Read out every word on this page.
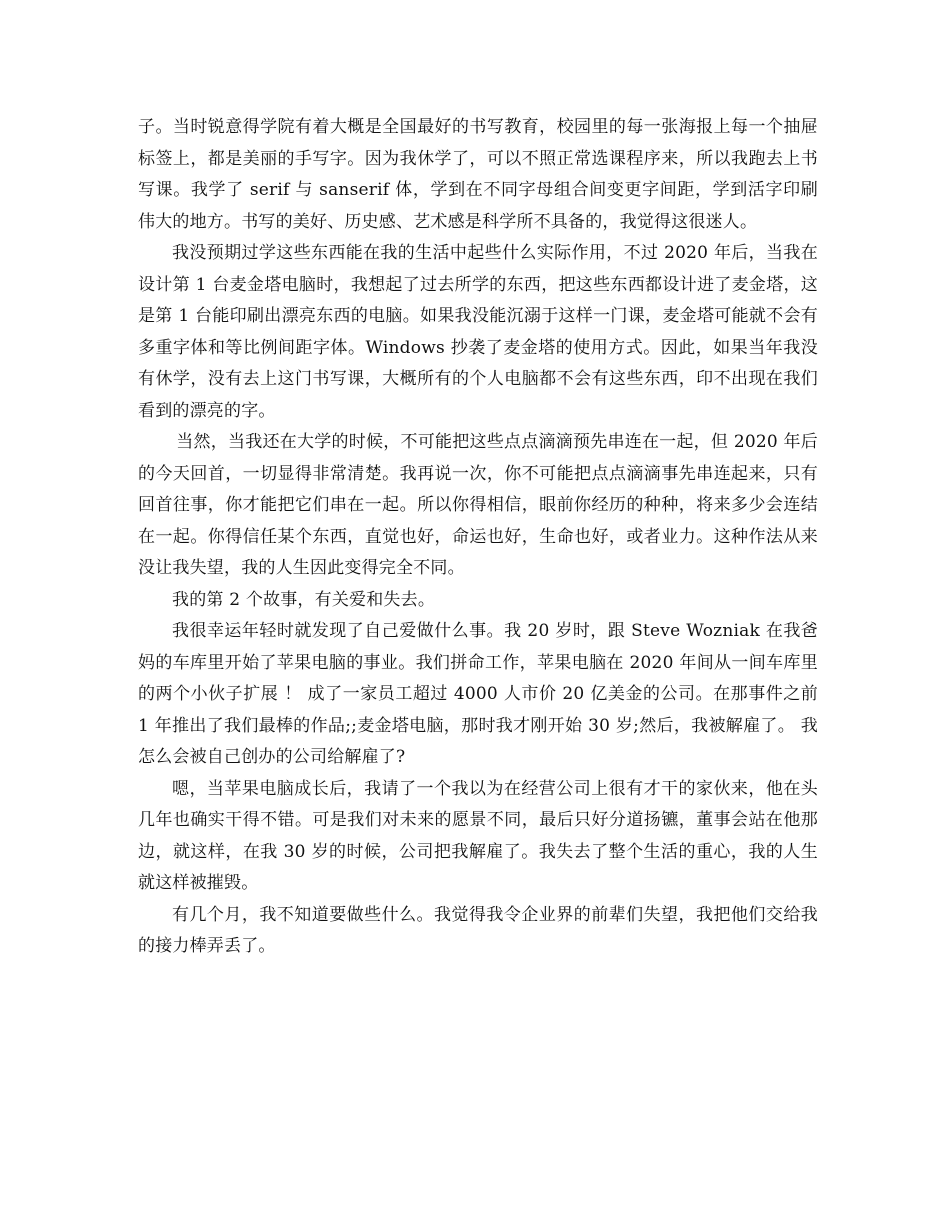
子。当时锐意得学院有着大概是全国最好的书写教育，校园里的每一张海报上每一个抽屉标签上，都是美丽的手写字。因为我休学了，可以不照正常选课程序来，所以我跑去上书写课。我学了 serif 与 sanserif 体，学到在不同字母组合间变更字间距，学到活字印刷伟大的地方。书写的美好、历史感、艺术感是科学所不具备的，我觉得这很迷人。

我没预期过学这些东西能在我的生活中起些什么实际作用，不过 2020 年后，当我在设计第 1 台麦金塔电脑时，我想起了过去所学的东西，把这些东西都设计进了麦金塔，这是第 1 台能印刷出漂亮东西的电脑。如果我没能沉溺于这样一门课，麦金塔可能就不会有多重字体和等比例间距字体。Windows 抄袭了麦金塔的使用方式。因此，如果当年我没有休学，没有去上这门书写课，大概所有的个人电脑都不会有这些东西，印不出现在我们看到的漂亮的字。

当然，当我还在大学的时候，不可能把这些点点滴滴预先串连在一起，但 2020 年后的今天回首，一切显得非常清楚。我再说一次，你不可能把点点滴滴事先串连起来，只有回首往事，你才能把它们串在一起。所以你得相信，眼前你经历的种种，将来多少会连结在一起。你得信任某个东西，直觉也好，命运也好，生命也好，或者业力。这种作法从来没让我失望，我的人生因此变得完全不同。

我的第 2 个故事，有关爱和失去。

我很幸运年轻时就发现了自己爱做什么事。我 20 岁时，跟 Steve Wozniak 在我爸妈的车库里开始了苹果电脑的事业。我们拼命工作，苹果电脑在 2020 年间从一间车库里的两个小伙子扩展 ！ 成了一家员工超过 4000 人市价 20 亿美金的公司。在那事件之前 1 年推出了我们最棒的作品;;麦金塔电脑，那时我才刚开始 30 岁;然后，我被解雇了。 我怎么会被自己创办的公司给解雇了?

嗯，当苹果电脑成长后，我请了一个我以为在经营公司上很有才干的家伙来，他在头几年也确实干得不错。可是我们对未来的愿景不同，最后只好分道扬镳，董事会站在他那边，就这样，在我 30 岁的时候，公司把我解雇了。我失去了整个生活的重心，我的人生就这样被摧毁。

有几个月，我不知道要做些什么。我觉得我令企业界的前辈们失望，我把他们交给我的接力棒弄丢了。
